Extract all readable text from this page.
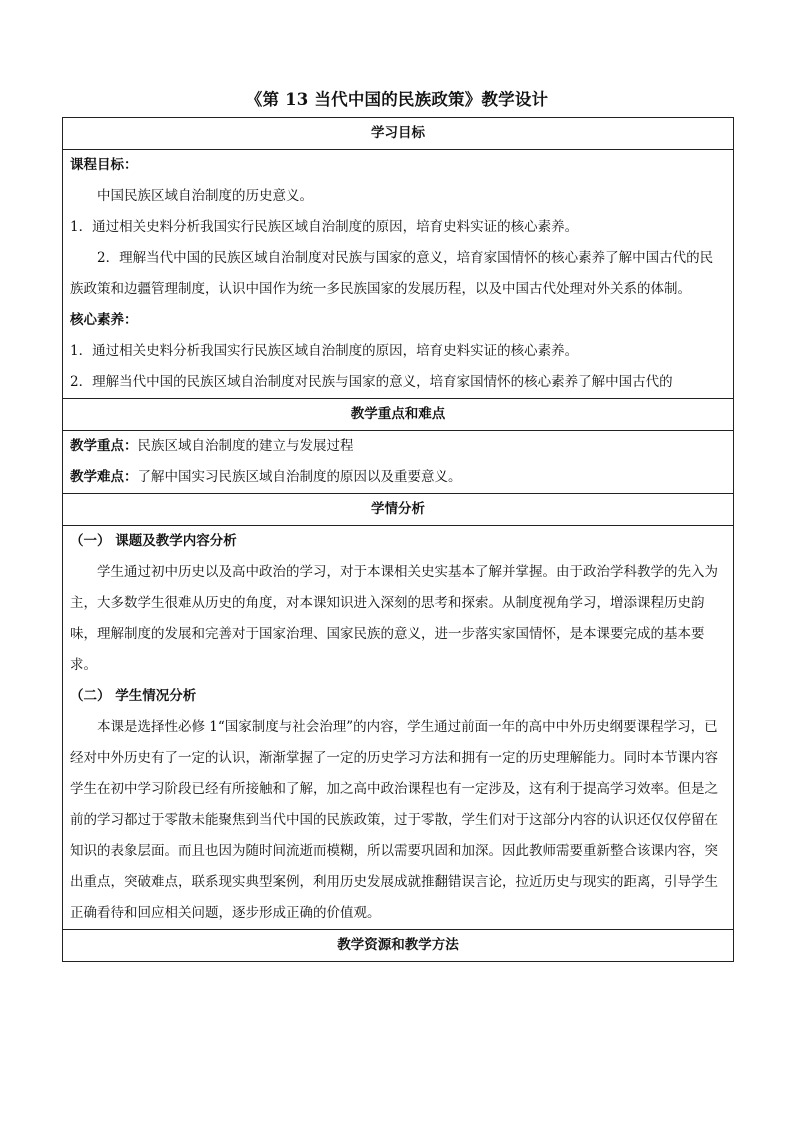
《第 13 当代中国的民族政策》教学设计
学习目标

课程目标：

中国民族区域自治制度的历史意义。

1．通过相关史料分析我国实行民族区域自治制度的原因，培育史料实证的核心素养。

2．理解当代中国的民族区域自治制度对民族与国家的意义，培育家国情怀的核心素养了解中国古代的民族政策和边疆管理制度，认识中国作为统一多民族国家的发展历程，以及中国古代处理对外关系的体制。

核心素养：

1．通过相关史料分析我国实行民族区域自治制度的原因，培育史料实证的核心素养。

2．理解当代中国的民族区域自治制度对民族与国家的意义，培育家国情怀的核心素养了解中国古代的

教学重点和难点

教学重点：民族区域自治制度的建立与发展过程

教学难点：了解中国实习民族区域自治制度的原因以及重要意义。

学情分析

（一） 课题及教学内容分析

学生通过初中历史以及高中政治的学习，对于本课相关史实基本了解并掌握。由于政治学科教学的先入为主，大多数学生很难从历史的角度，对本课知识进入深刻的思考和探索。从制度视角学习，增添课程历史韵味，理解制度的发展和完善对于国家治理、国家民族的意义，进一步落实家国情怀，是本课要完成的基本要求。

（二） 学生情况分析

本课是选择性必修 1“国家制度与社会治理”的内容，学生通过前面一年的高中中外历史纲要课程学习，已经对中外历史有了一定的认识，渐渐掌握了一定的历史学习方法和拥有一定的历史理解能力。同时本节课内容学生在初中学习阶段已经有所接触和了解，加之高中政治课程也有一定涉及，这有利于提高学习效率。但是之前的学习都过于零散未能聚焦到当代中国的民族政策，过于零散，学生们对于这部分内容的认识还仅仅停留在知识的表象层面。而且也因为随时间流逝而模糊，所以需要巩固和加深。因此教师需要重新整合该课内容，突出重点，突破难点，联系现实典型案例，利用历史发展成就推翻错误言论，拉近历史与现实的距离，引导学生正确看待和回应相关问题，逐步形成正确的价值观。

教学资源和教学方法
